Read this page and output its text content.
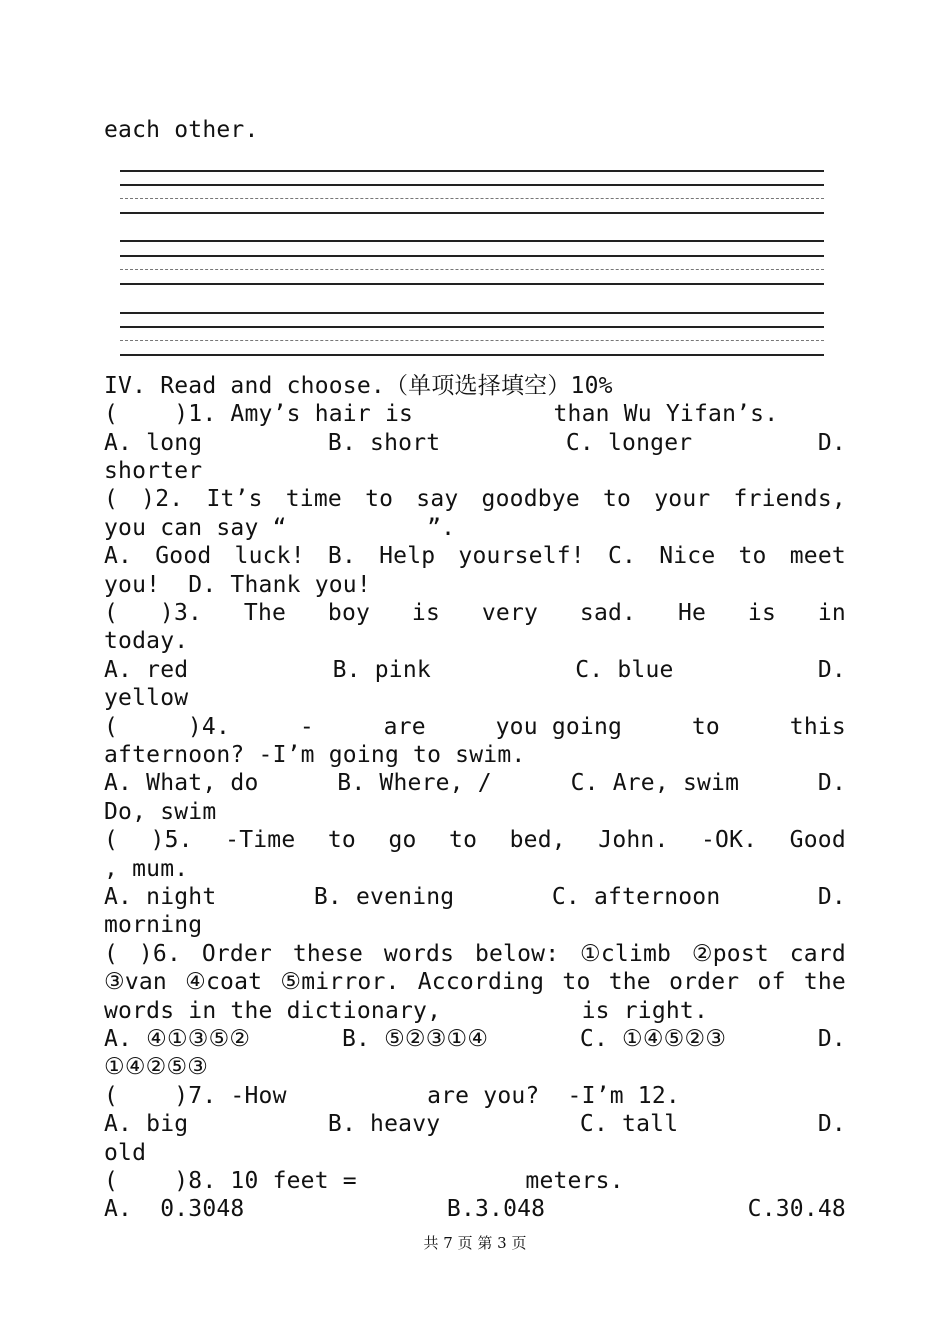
each other.
IV. Read and choose.（单项选择填空）10%
(    )1. Amy’s hair is          than Wu Yifan’s.
A. long	B. short	C. longer	D.
shorter
( )2. It’s time to say goodbye to your friends,
you can say “          ”.
A. Good luck! B. Help yourself! C. Nice to meet
you!  D. Thank you!
( )3. The boy is very sad. He is in
today.
A. red	B. pink	C. blue	D.
yellow
(	)4.	-	are	you going	to	this
afternoon? -I’m going to swim.
A. What, do	B. Where, /	C. Are, swim	D.
Do, swim
( )5. -Time to go to bed, John. -OK. Good
, mum.
A. night	B. evening	C. afternoon	D.
morning
( )6. Order these words below: ①climb ②post card
③van ④coat ⑤mirror. According to the order of the
words in the dictionary,          is right.
A. ④①③⑤②	B. ⑤②③①④	C. ①④⑤②③	D.
①④②⑤③
(    )7. -How          are you?  -I’m 12.
A. big	B. heavy	C. tall	D.
old
(    )8. 10 feet =            meters.
A.  0.3048	B.3.048	C.30.48
共 7 页 第 3 页
